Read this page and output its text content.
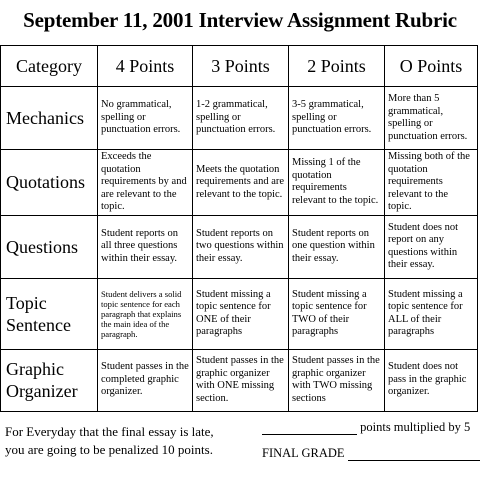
September 11, 2001 Interview Assignment Rubric
Category	4 Points	3 Points	2 Points	O Points
Mechanics	No grammatical, spelling or punctuation errors.	1-2 grammatical, spelling or punctuation errors.	3-5 grammatical, spelling or punctuation errors.	More than 5 grammatical, spelling or punctuation errors.
Quotations	Exceeds the quotation requirements by and are relevant to the topic.	Meets the quotation requirements and are relevant to the topic.	Missing 1 of the quotation requirements relevant to the topic.	Missing both of the quotation requirements relevant to the topic.
Questions	Student reports on all three questions within their essay.	Student reports on two questions within their essay.	Student reports on one question within their essay.	Student does not report on any questions within their essay.
Topic Sentence	Student delivers a solid topic sentence for each paragraph that explains the main idea of the paragraph.	Student missing a topic sentence for ONE of their paragraphs	Student missing a topic sentence for TWO of their paragraphs	Student missing a topic sentence for ALL of their paragraphs
Graphic Organizer	Student passes in the completed graphic organizer.	Student passes in the graphic organizer with ONE missing section.	Student passes in the graphic organizer with TWO missing sections	Student does not pass in the graphic organizer.
For Everyday that the final essay is late,
you are going to be penalized 10 points.
points multiplied by 5
FINAL GRADE
